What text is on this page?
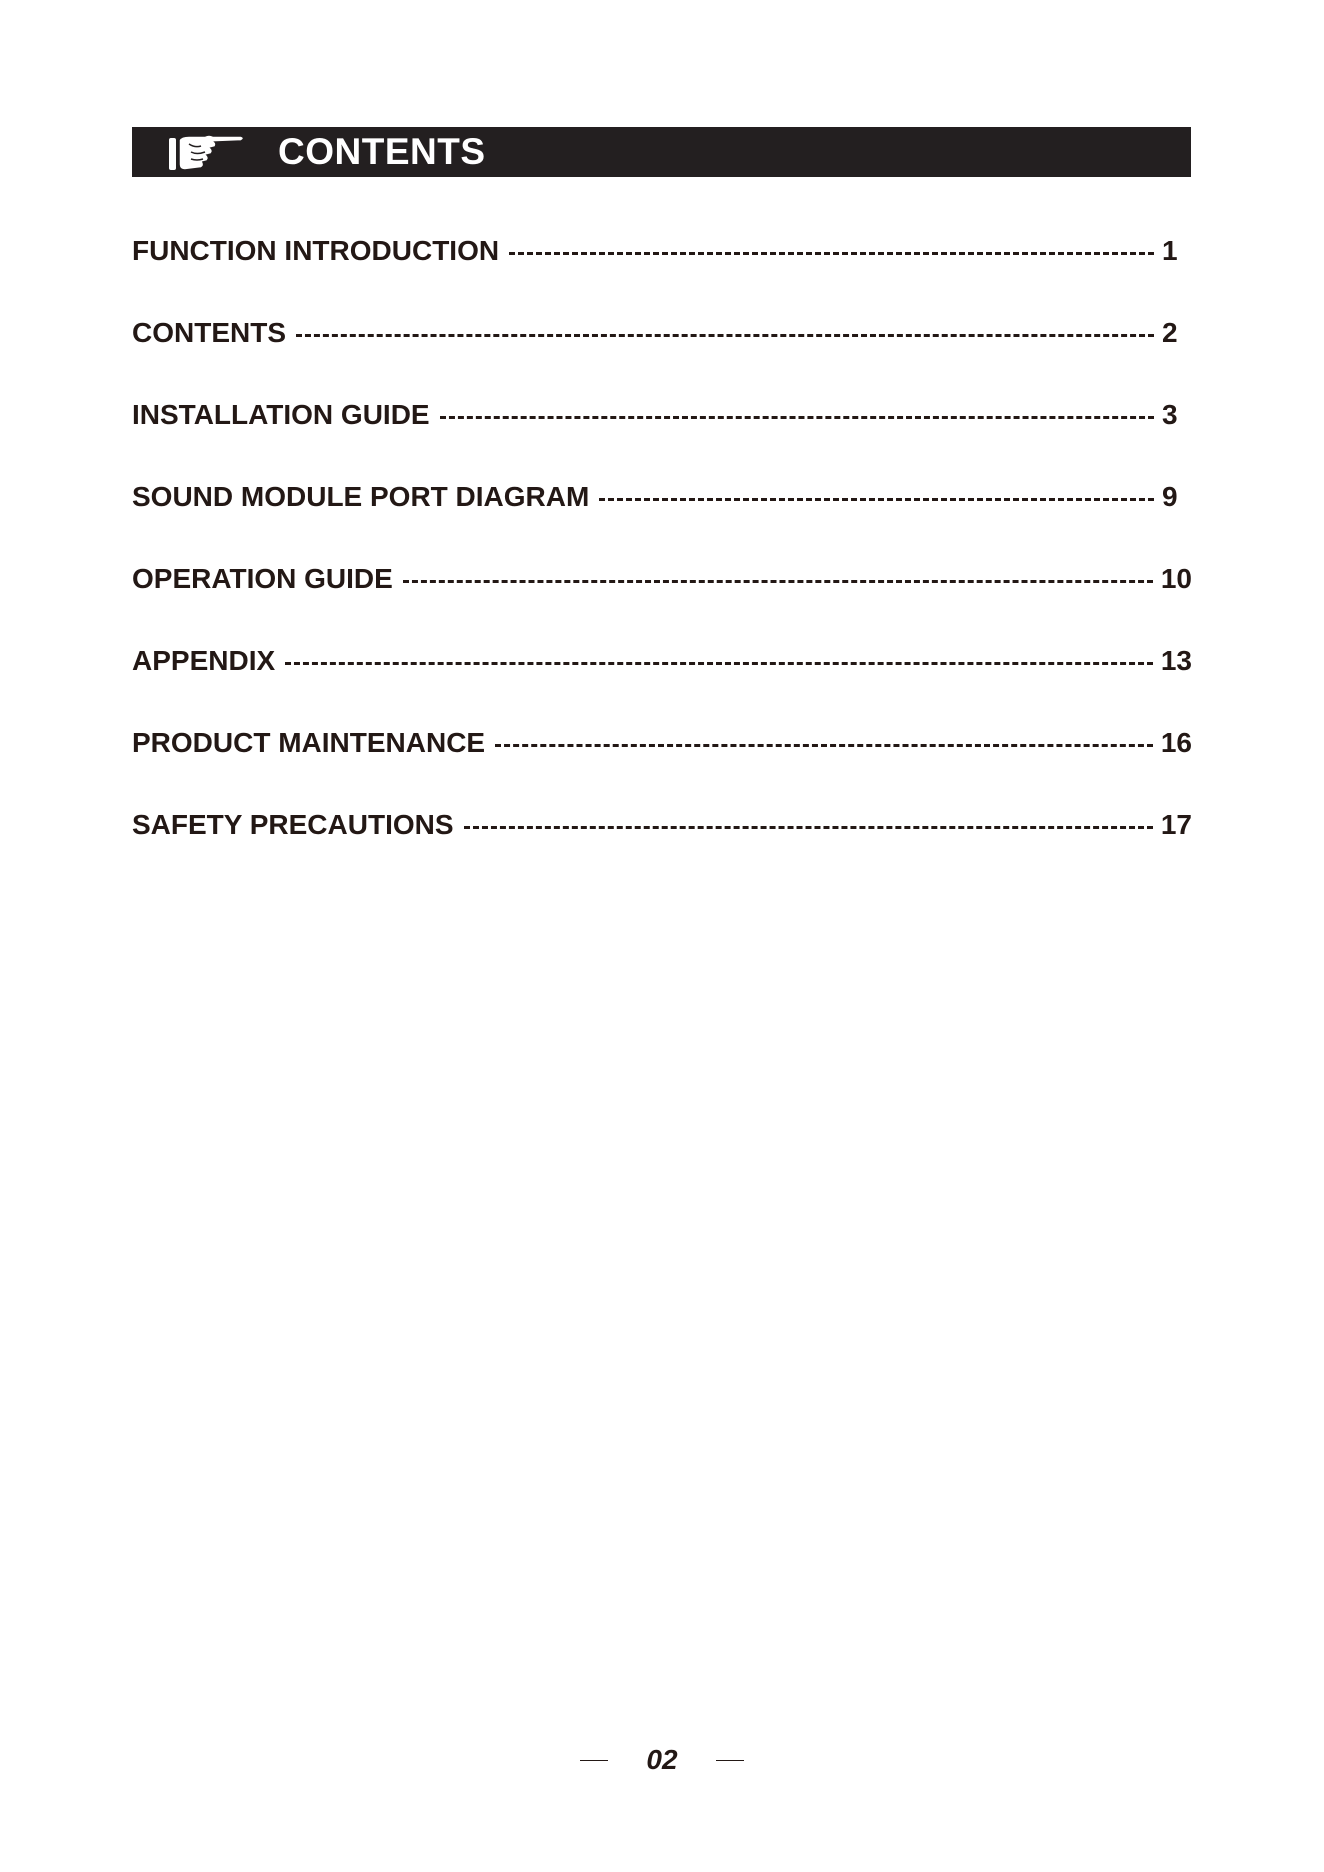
CONTENTS
FUNCTION INTRODUCTION	1
CONTENTS	2
INSTALLATION GUIDE	3
SOUND MODULE PORT DIAGRAM	9
OPERATION GUIDE	10
APPENDIX	13
PRODUCT MAINTENANCE	16
SAFETY PRECAUTIONS	17
02
